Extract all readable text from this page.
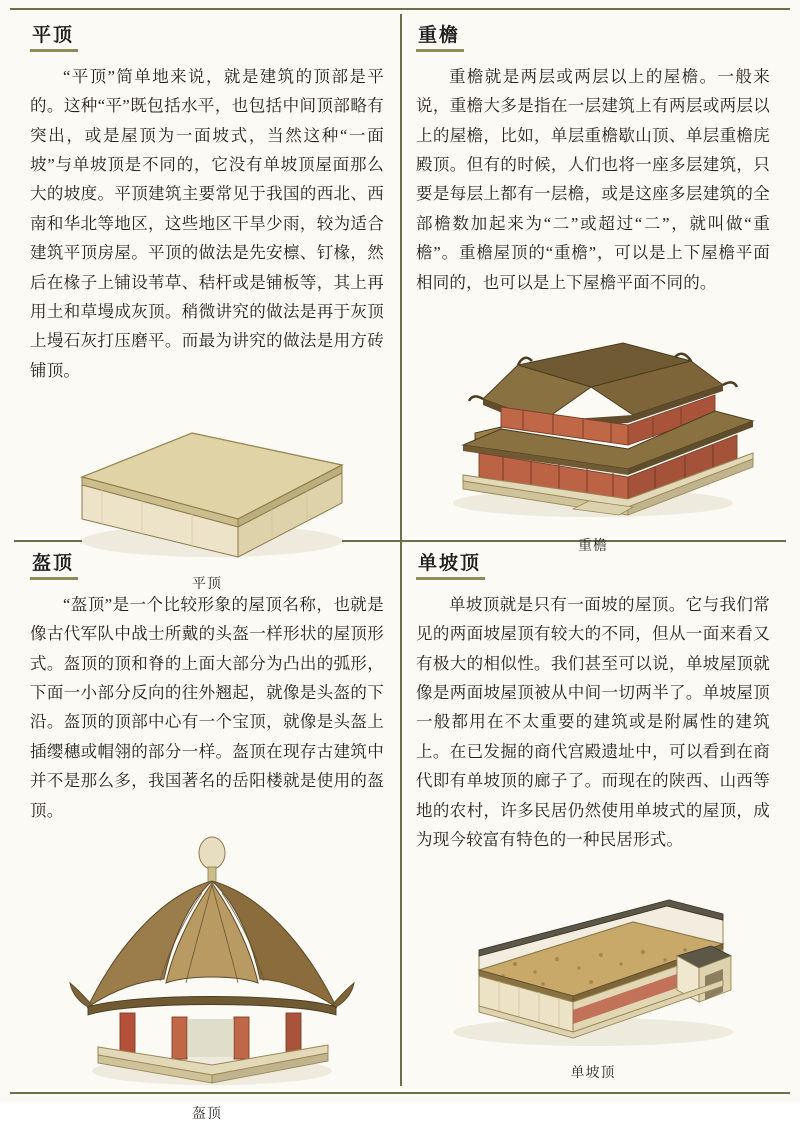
平顶

“平顶”简单地来说，就是建筑的顶部是平的。这种“平”既包括水平，也包括中间顶部略有突出，或是屋顶为一面坡式，当然这种“一面坡”与单坡顶是不同的，它没有单坡顶屋面那么大的坡度。平顶建筑主要常见于我国的西北、西南和华北等地区，这些地区干旱少雨，较为适合建筑平顶房屋。平顶的做法是先安檩、钉椽，然后在椽子上铺设苇草、秸杆或是铺板等，其上再用土和草墁成灰顶。稍微讲究的做法是再于灰顶上墁石灰打压磨平。而最为讲究的做法是用方砖铺顶。

平顶
重檐

重檐就是两层或两层以上的屋檐。一般来说，重檐大多是指在一层建筑上有两层或两层以上的屋檐，比如，单层重檐歇山顶、单层重檐庑殿顶。但有的时候，人们也将一座多层建筑，只要是每层上都有一层檐，或是这座多层建筑的全部檐数加起来为“二”或超过“二”，就叫做“重檐”。重檐屋顶的“重檐”，可以是上下屋檐平面相同的，也可以是上下屋檐平面不同的。

重檐
盔顶

“盔顶”是一个比较形象的屋顶名称，也就是像古代军队中战士所戴的头盔一样形状的屋顶形式。盔顶的顶和脊的上面大部分为凸出的弧形，下面一小部分反向的往外翘起，就像是头盔的下沿。盔顶的顶部中心有一个宝顶，就像是头盔上插缨穗或帽翎的部分一样。盔顶在现存古建筑中并不是那么多，我国著名的岳阳楼就是使用的盔顶。

盔顶
单坡顶

单坡顶就是只有一面坡的屋顶。它与我们常见的两面坡屋顶有较大的不同，但从一面来看又有极大的相似性。我们甚至可以说，单坡屋顶就像是两面坡屋顶被从中间一切两半了。单坡屋顶一般都用在不太重要的建筑或是附属性的建筑上。在已发掘的商代宫殿遗址中，可以看到在商代即有单坡顶的廊子了。而现在的陕西、山西等地的农村，许多民居仍然使用单坡式的屋顶，成为现今较富有特色的一种民居形式。

单坡顶
